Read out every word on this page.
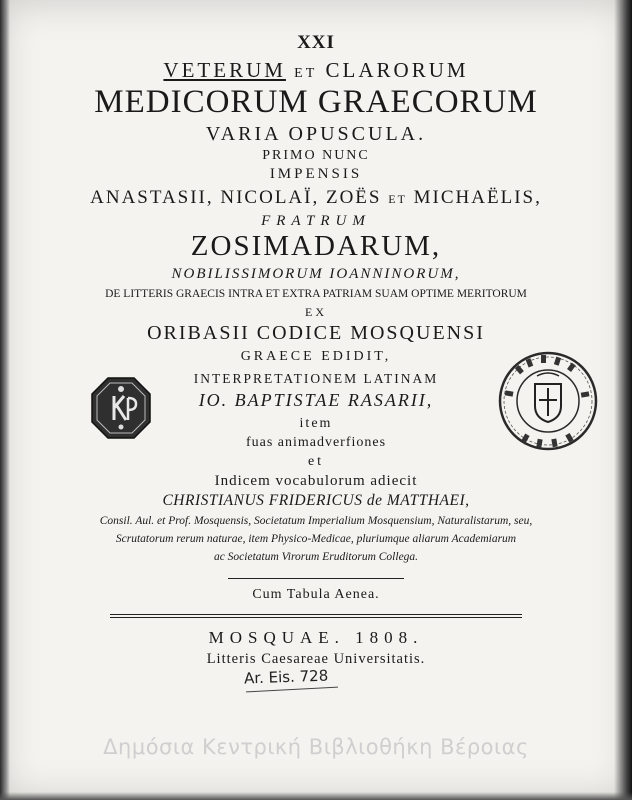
XXI
VETERUM ET CLARORUM
MEDICORUM GRAECORUM
VARIA OPUSCULA.
PRIMO NUNC
IMPENSIS
ANASTASII, NICOLAÏ, ZOËS ET MICHAËLIS,
FRATRUM
ZOSIMADARUM,
NOBILISSIMORUM IOANNINORUM,
DE LITTERIS GRAECIS INTRA ET EXTRA PATRIAM SUAM OPTIME MERITORUM
EX
ORIBASII CODICE MOSQUENSI
GRAECE EDIDIT,
INTERPRETATIONEM LATINAM
IO. BAPTISTAE RASARII,
item
fuas animadverfiones
et
Indicem vocabulorum adiecit
CHRISTIANUS FRIDERICUS de MATTHAEI,
Consil. Aul. et Prof. Mosquensis, Societatum Imperialium Mosquensium, Naturalistarum, seu,
Scrutatorum rerum naturae, item Physico-Medicae, pluriumque aliarum Academiarum
ac Societatum Virorum Eruditorum Collega.
Cum Tabula Aenea.
MOSQUAE. 1808.
Litteris Caesareae Universitatis.
Ar. Eis. 728
Δημόσια Κεντρική Βιβλιοθήκη Βέροιας
